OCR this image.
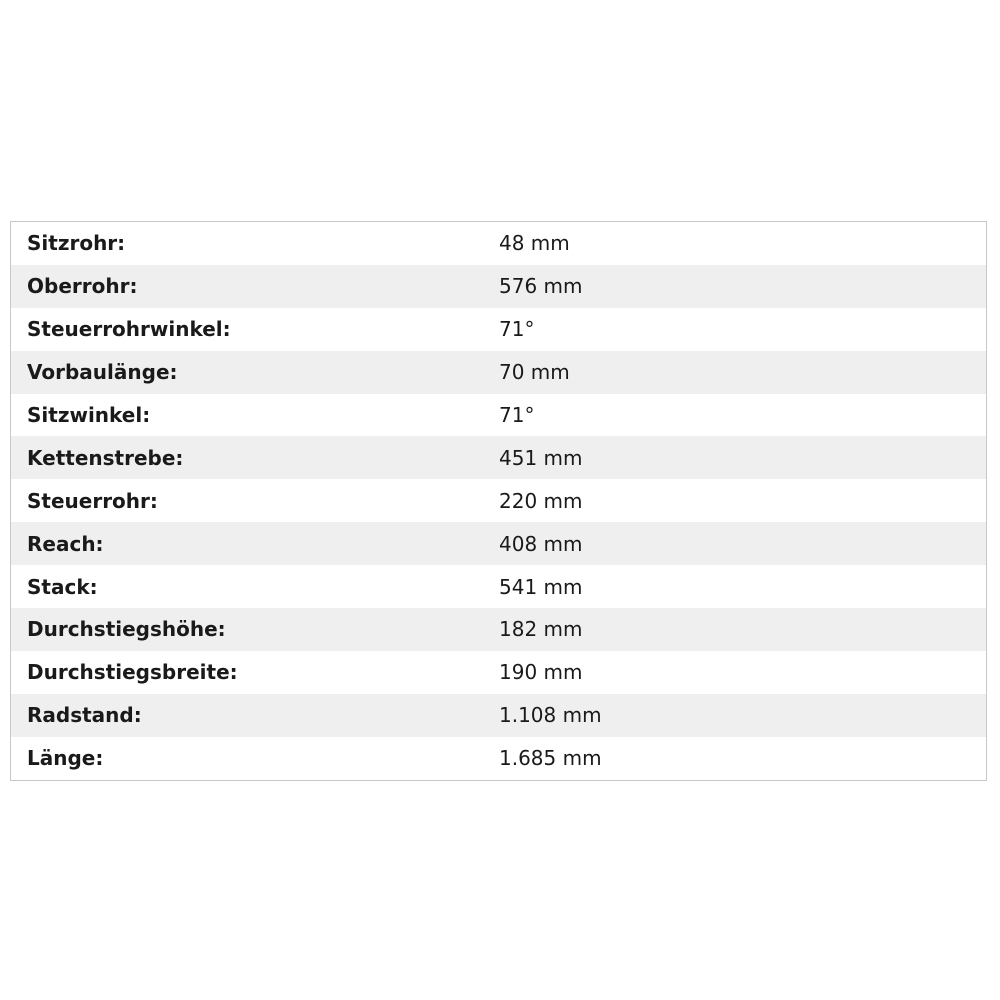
Sitzrohr:	48 mm
Oberrohr:	576 mm
Steuerrohrwinkel:	71°
Vorbaulänge:	70 mm
Sitzwinkel:	71°
Kettenstrebe:	451 mm
Steuerrohr:	220 mm
Reach:	408 mm
Stack:	541 mm
Durchstiegshöhe:	182 mm
Durchstiegsbreite:	190 mm
Radstand:	1.108 mm
Länge:	1.685 mm
